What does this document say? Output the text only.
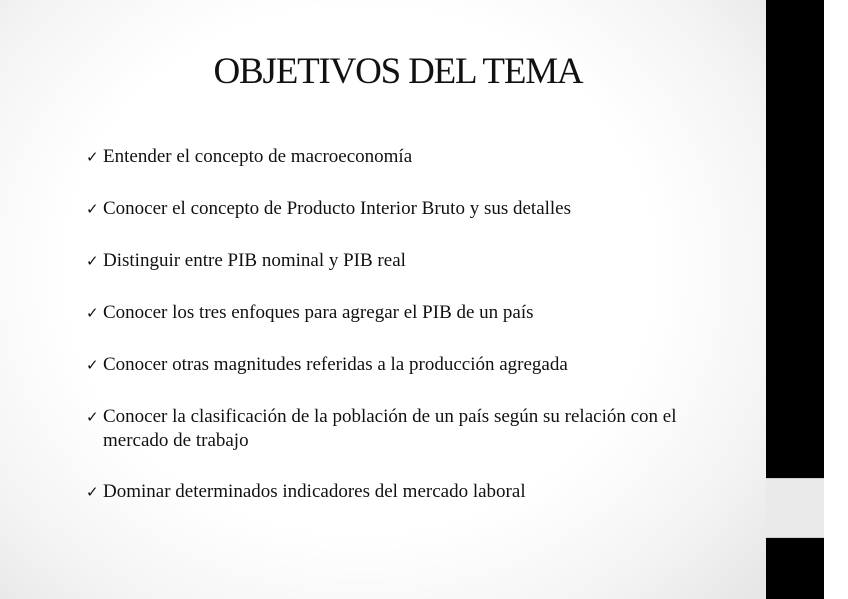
OBJETIVOS DEL TEMA
✓ Entender el concepto de macroeconomía
✓ Conocer el concepto de Producto Interior Bruto y sus detalles
✓ Distinguir entre PIB nominal y PIB real
✓ Conocer los tres enfoques para agregar el PIB de un país
✓ Conocer otras magnitudes referidas a la producción agregada
✓ Conocer la clasificación de la población de un país según su relación con el mercado de trabajo
✓ Dominar determinados indicadores del mercado laboral
